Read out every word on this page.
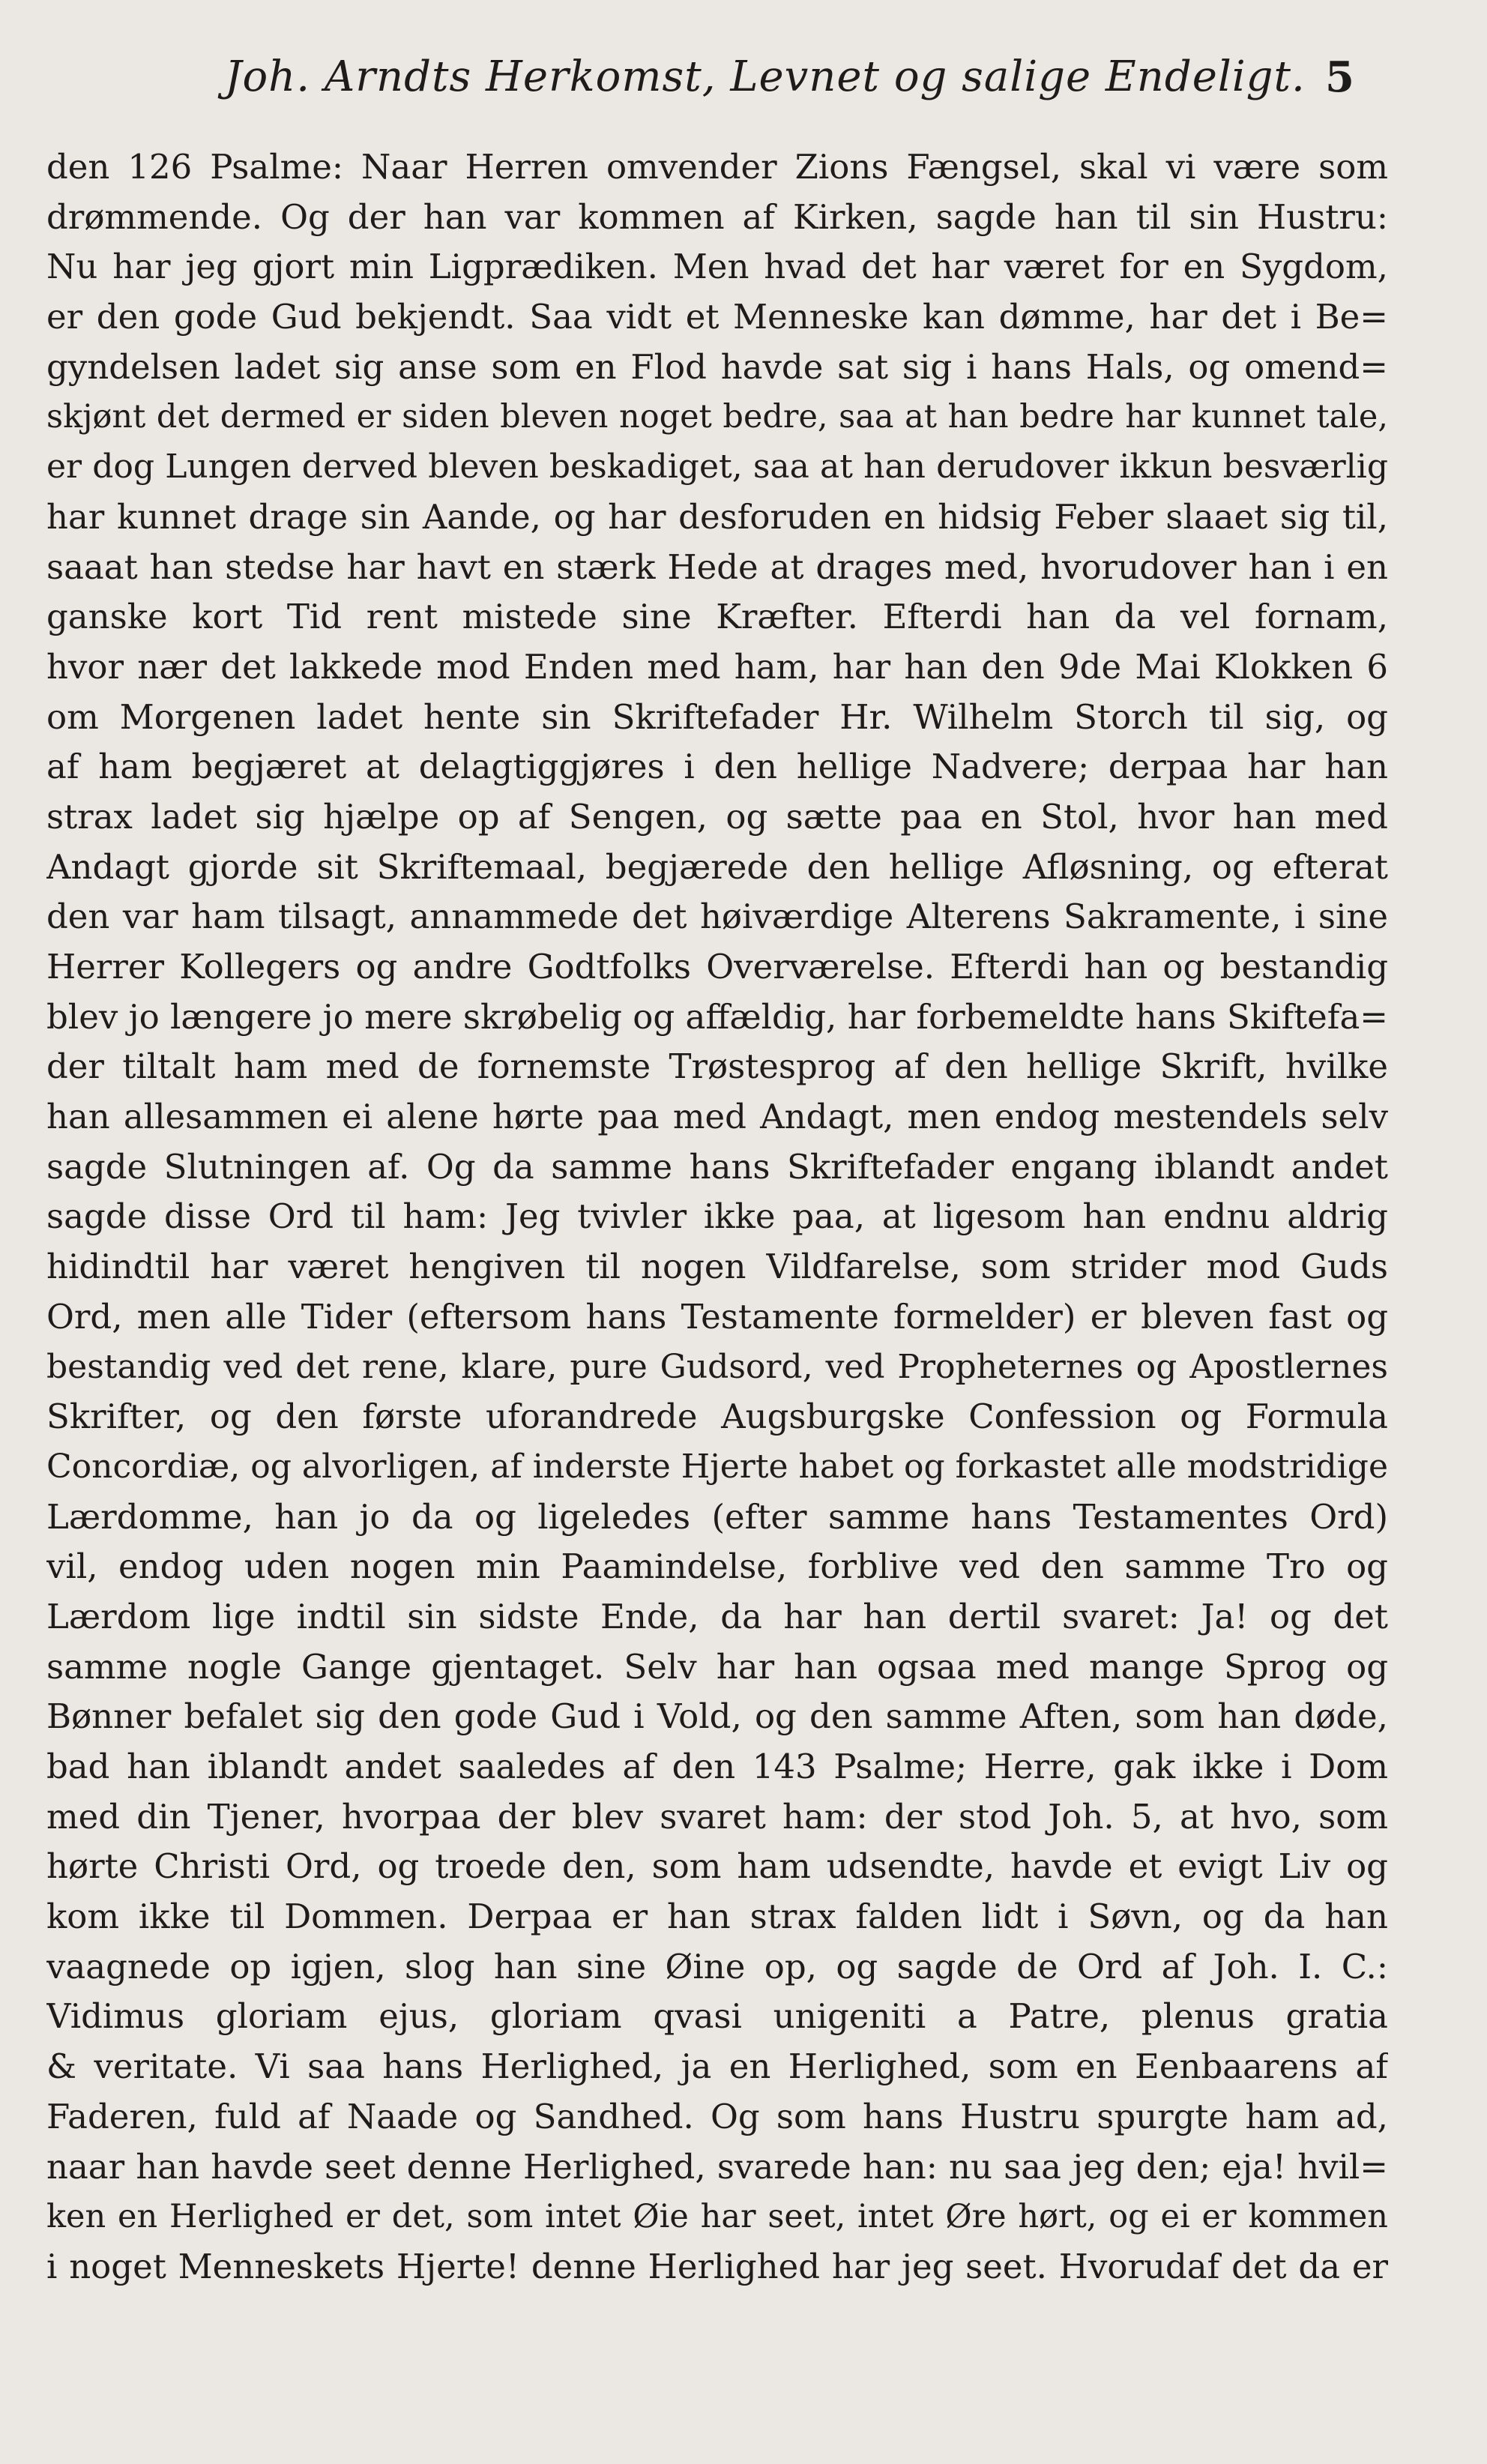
Joh. Arndts Herkomst, Levnet og salige Endeligt. 5
den 126 Psalme: Naar Herren omvender Zions Fængsel, skal vi være som
drømmende. Og der han var kommen af Kirken, sagde han til sin Hustru:
Nu har jeg gjort min Ligprædiken. Men hvad det har været for en Sygdom,
er den gode Gud bekjendt. Saa vidt et Menneske kan dømme, har det i Be=
gyndelsen ladet sig anse som en Flod havde sat sig i hans Hals, og omend=
skjønt det dermed er siden bleven noget bedre, saa at han bedre har kunnet tale,
er dog Lungen derved bleven beskadiget, saa at han derudover ikkun besværlig
har kunnet drage sin Aande, og har desforuden en hidsig Feber slaaet sig til,
saaat han stedse har havt en stærk Hede at drages med, hvorudover han i en
ganske kort Tid rent mistede sine Kræfter. Efterdi han da vel fornam,
hvor nær det lakkede mod Enden med ham, har han den 9de Mai Klokken 6
om Morgenen ladet hente sin Skriftefader Hr. Wilhelm Storch til sig, og
af ham begjæret at delagtiggjøres i den hellige Nadvere; derpaa har han
strax ladet sig hjælpe op af Sengen, og sætte paa en Stol, hvor han med
Andagt gjorde sit Skriftemaal, begjærede den hellige Afløsning, og efterat
den var ham tilsagt, annammede det høiværdige Alterens Sakramente, i sine
Herrer Kollegers og andre Godtfolks Overværelse. Efterdi han og bestandig
blev jo længere jo mere skrøbelig og affældig, har forbemeldte hans Skiftefa=
der tiltalt ham med de fornemste Trøstesprog af den hellige Skrift, hvilke
han allesammen ei alene hørte paa med Andagt, men endog mestendels selv
sagde Slutningen af. Og da samme hans Skriftefader engang iblandt andet
sagde disse Ord til ham: Jeg tvivler ikke paa, at ligesom han endnu aldrig
hidindtil har været hengiven til nogen Vildfarelse, som strider mod Guds
Ord, men alle Tider (eftersom hans Testamente formelder) er bleven fast og
bestandig ved det rene, klare, pure Gudsord, ved Propheternes og Apostlernes
Skrifter, og den første uforandrede Augsburgske Confession og Formula
Concordiæ, og alvorligen, af inderste Hjerte habet og forkastet alle modstridige
Lærdomme, han jo da og ligeledes (efter samme hans Testamentes Ord)
vil, endog uden nogen min Paamindelse, forblive ved den samme Tro og
Lærdom lige indtil sin sidste Ende, da har han dertil svaret: Ja! og det
samme nogle Gange gjentaget. Selv har han ogsaa med mange Sprog og
Bønner befalet sig den gode Gud i Vold, og den samme Aften, som han døde,
bad han iblandt andet saaledes af den 143 Psalme; Herre, gak ikke i Dom
med din Tjener, hvorpaa der blev svaret ham: der stod Joh. 5, at hvo, som
hørte Christi Ord, og troede den, som ham udsendte, havde et evigt Liv og
kom ikke til Dommen. Derpaa er han strax falden lidt i Søvn, og da han
vaagnede op igjen, slog han sine Øine op, og sagde de Ord af Joh. I. C.:
Vidimus gloriam ejus, gloriam qvasi unigeniti a Patre, plenus gratia
& veritate. Vi saa hans Herlighed, ja en Herlighed, som en Eenbaarens af
Faderen, fuld af Naade og Sandhed. Og som hans Hustru spurgte ham ad,
naar han havde seet denne Herlighed, svarede han: nu saa jeg den; eja! hvil=
ken en Herlighed er det, som intet Øie har seet, intet Øre hørt, og ei er kommen
i noget Menneskets Hjerte! denne Herlighed har jeg seet. Hvorudaf det da er
